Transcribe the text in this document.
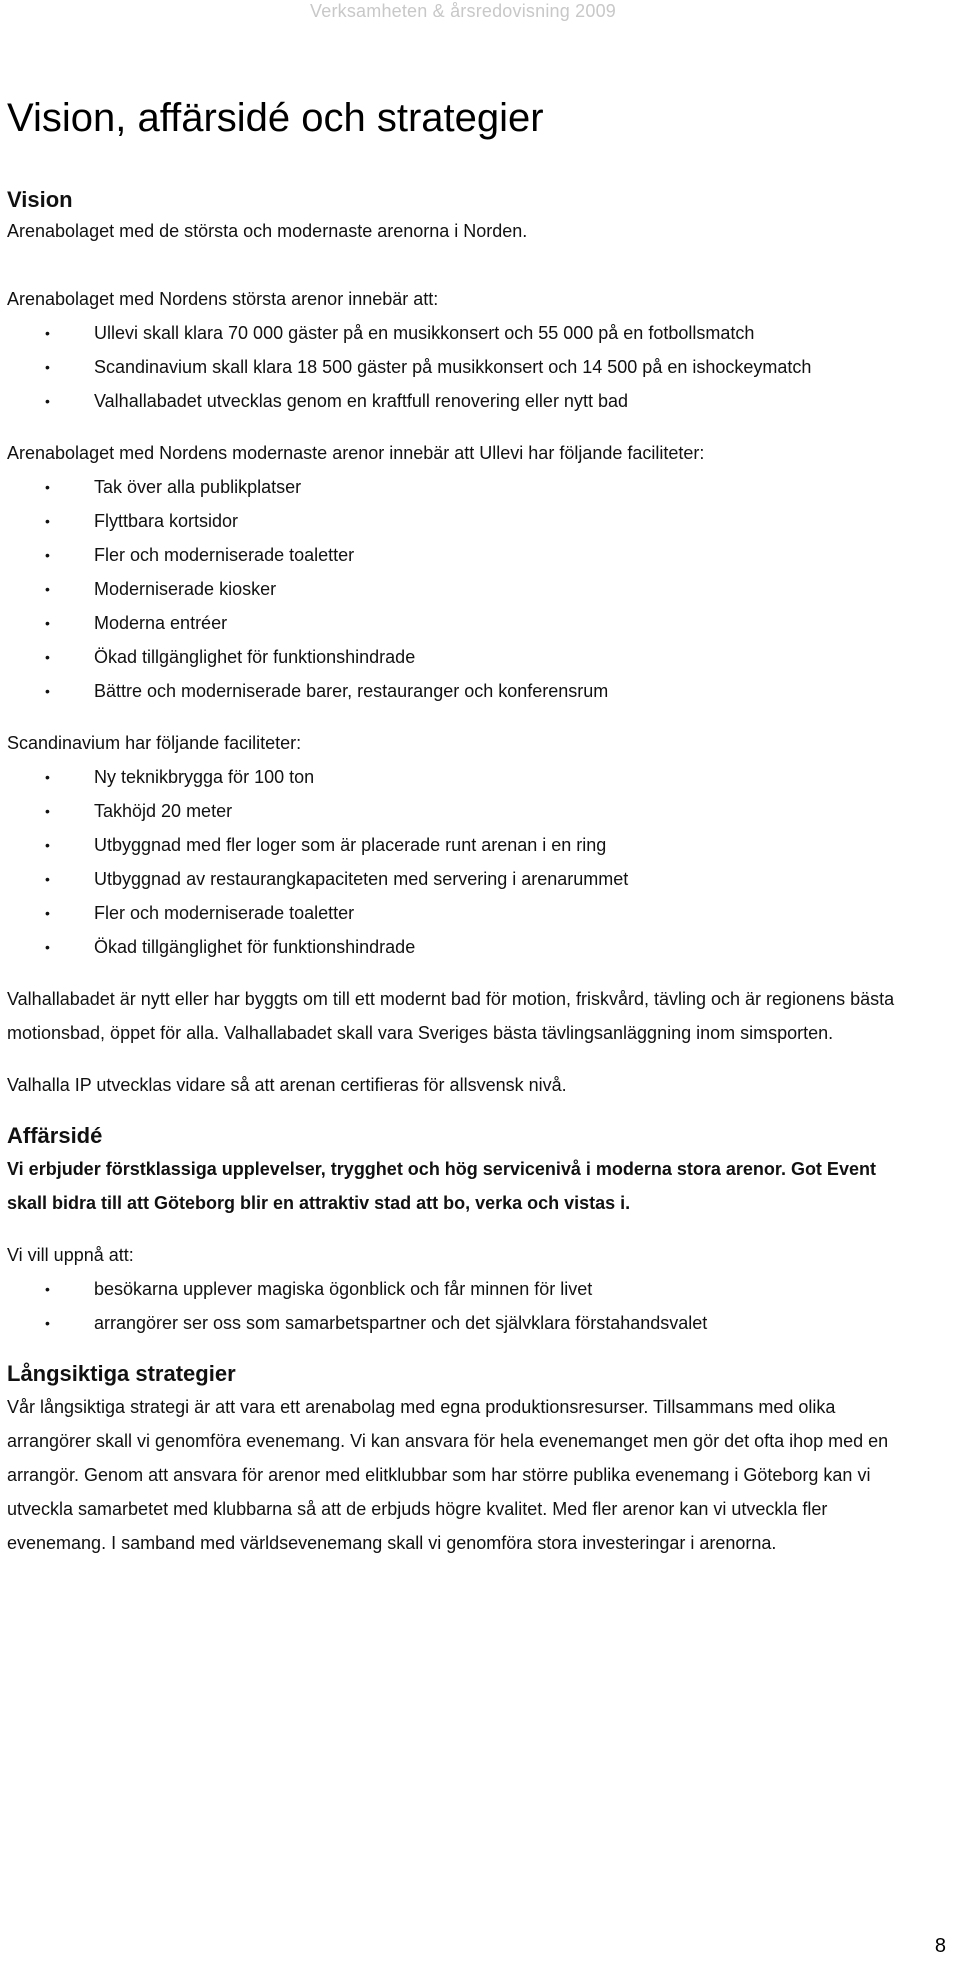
Verksamheten & årsredovisning 2009
Vision, affärsidé och strategier
Vision

Arenabolaget med de största och modernaste arenorna i Norden.

Arenabolaget med Nordens största arenor innebär att:

• Ullevi skall klara 70 000 gäster på en musikkonsert och 55 000 på en fotbollsmatch
• Scandinavium skall klara 18 500 gäster på musikkonsert och 14 500 på en ishockeymatch
• Valhallabadet utvecklas genom en kraftfull renovering eller nytt bad

Arenabolaget med Nordens modernaste arenor innebär att Ullevi har följande faciliteter:

• Tak över alla publikplatser
• Flyttbara kortsidor
• Fler och moderniserade toaletter
• Moderniserade kiosker
• Moderna entréer
• Ökad tillgänglighet för funktionshindrade
• Bättre och moderniserade barer, restauranger och konferensrum

Scandinavium har följande faciliteter:

• Ny teknikbrygga för 100 ton
• Takhöjd 20 meter
• Utbyggnad med fler loger som är placerade runt arenan i en ring
• Utbyggnad av restaurangkapaciteten med servering i arenarummet
• Fler och moderniserade toaletter
• Ökad tillgänglighet för funktionshindrade

Valhallabadet är nytt eller har byggts om till ett modernt bad för motion, friskvård, tävling och är regionens bästa motionsbad, öppet för alla. Valhallabadet skall vara Sveriges bästa tävlingsanläggning inom simsporten.

Valhalla IP utvecklas vidare så att arenan certifieras för allsvensk nivå.

Affärsidé

Vi erbjuder förstklassiga upplevelser, trygghet och hög servicenivå i moderna stora arenor. Got Event skall bidra till att Göteborg blir en attraktiv stad att bo, verka och vistas i.

Vi vill uppnå att:

• besökarna upplever magiska ögonblick och får minnen för livet
• arrangörer ser oss som samarbetspartner och det självklara förstahandsvalet
Långsiktiga strategier

Vår långsiktiga strategi är att vara ett arenabolag med egna produktionsresurser. Tillsammans med olika arrangörer skall vi genomföra evenemang. Vi kan ansvara för hela evenemanget men gör det ofta ihop med en arrangör. Genom att ansvara för arenor med elitklubbar som har större publika evenemang i Göteborg kan vi utveckla samarbetet med klubbarna så att de erbjuds högre kvalitet. Med fler arenor kan vi utveckla fler evenemang. I samband med världsevenemang skall vi genomföra stora investeringar i arenorna.

8
